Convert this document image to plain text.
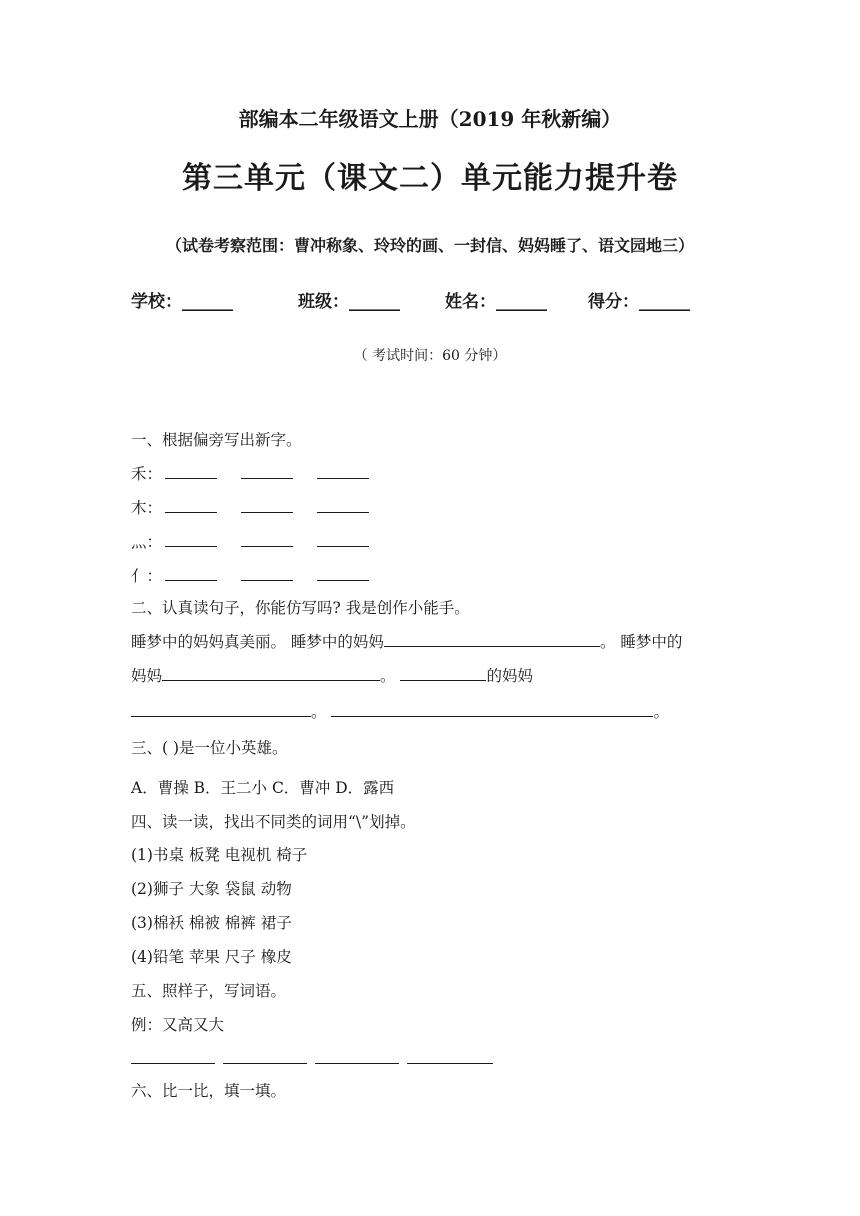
部编本二年级语文上册（2019 年秋新编）
第三单元（课文二）单元能力提升卷
（试卷考察范围：曹冲称象、玲玲的画、一封信、妈妈睡了、语文园地三）
学校：______	班级：______	姓名：______ 得分：______
（ 考试时间：60 分钟）
一、根据偏旁写出新字。
禾：
木：
灬：
亻：
二、认真读句子，你能仿写吗? 我是创作小能手。
睡梦中的妈妈真美丽。 睡梦中的妈妈	。 睡梦中的
妈妈	。	的妈妈
。	。
三、( )是一位小英雄。
A．曹操 B．王二小 C．曹冲 D．露西
四、读一读，找出不同类的词用“\”划掉。
(1)书桌 板凳 电视机 椅子
(2)狮子 大象 袋鼠 动物
(3)棉袄 棉被 棉裤 裙子
(4)铅笔 苹果 尺子 橡皮
五、照样子，写词语。
例：又高又大
六、比一比，填一填。
